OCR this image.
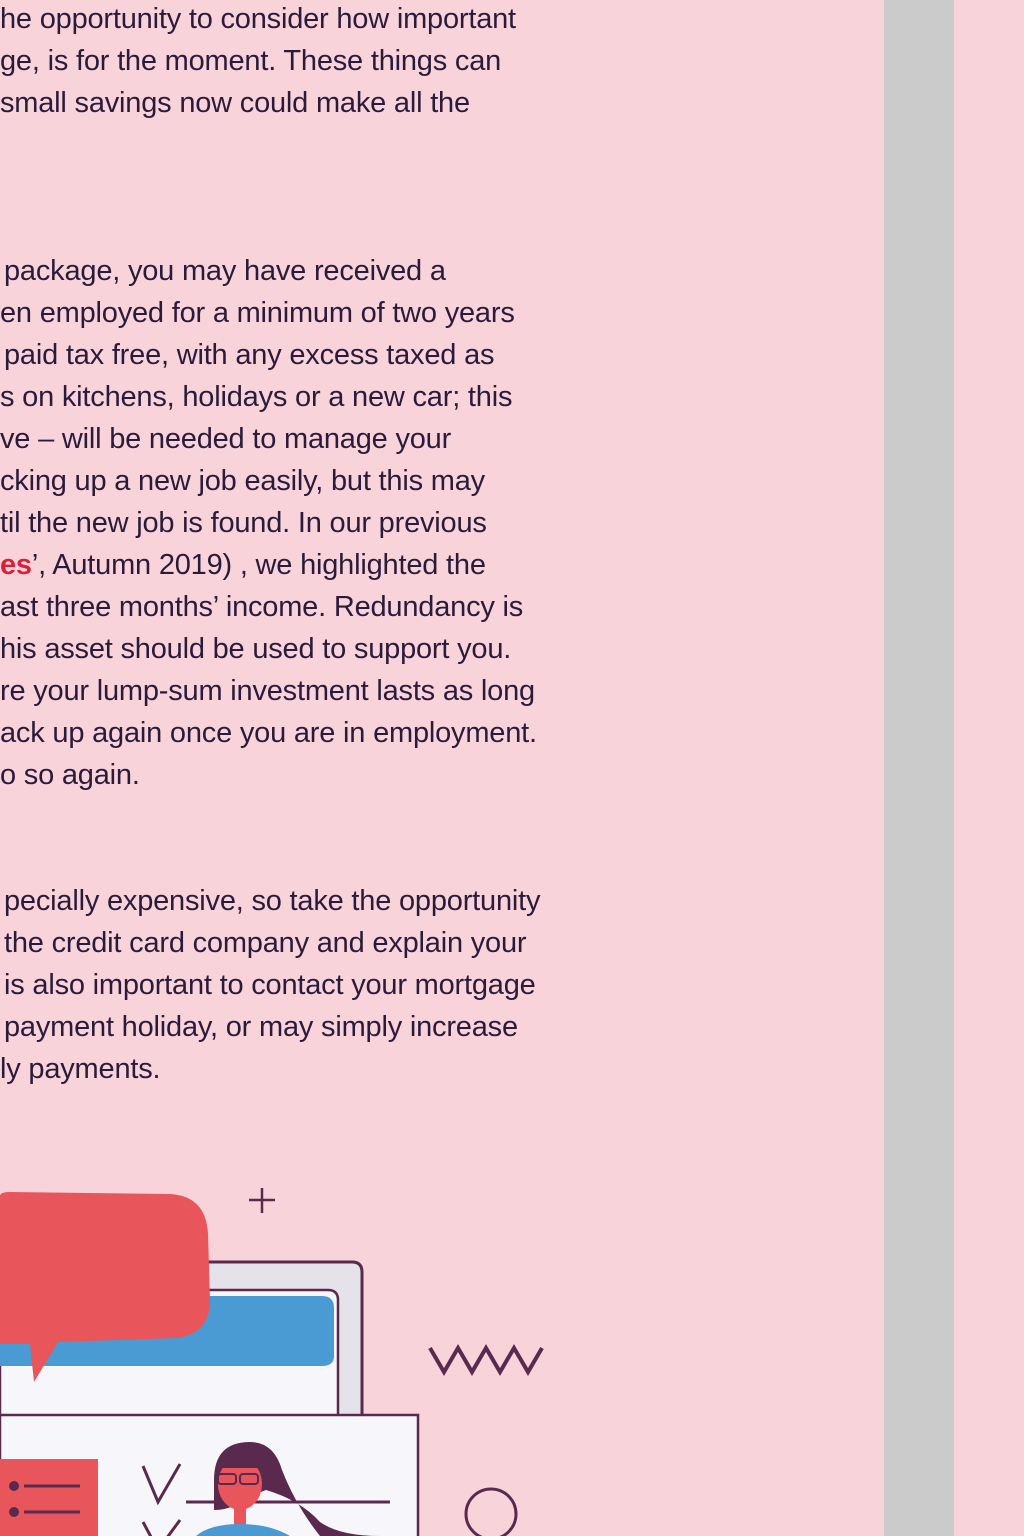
he opportunity to consider how important
ge, is for the moment. These things can
small savings now could make all the
package, you may have received a
en employed for a minimum of two years
paid tax free, with any excess taxed as
s on kitchens, holidays or a new car; this
ve – will be needed to manage your
cking up a new job easily, but this may
til the new job is found. In our previous
es’, Autumn 2019) , we highlighted the
ast three months’ income. Redundancy is
his asset should be used to support you.
re your lump-sum investment lasts as long
ack up again once you are in employment.
o so again.
pecially expensive, so take the opportunity
the credit card company and explain your
is also important to contact your mortgage
payment holiday, or may simply increase
ly payments.
